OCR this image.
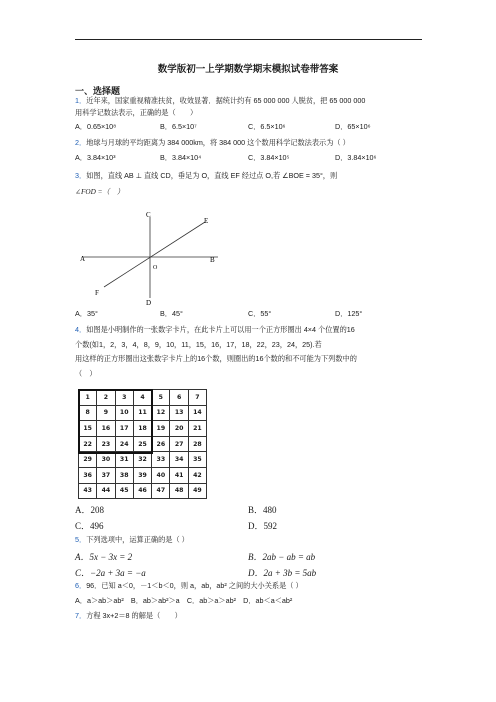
数学版初一上学期数学期末模拟试卷带答案
一、选择题
1．近年来，国家重视精准扶贫，收效显著．据统计约有 65 000 000 人脱贫，把 65 000 000
用科学记数法表示，正确的是（　　）
A．0.65×10⁸	B．6.5×10⁷	C．6.5×10⁶	D．65×10⁶
2．地球与月球的平均距离为 384 000km，将 384 000 这个数用科学记数法表示为（ ）
A．3.84×10³	B．3.84×10⁴	C．3.84×10⁵	D．3.84×10⁶
3．如图，直线 AB ⊥ 直线 CD，垂足为 O，直线 EF 经过点 O,若 ∠BOE = 35°，则
∠FOD =（　）
A	B
C
D
E
F
O
A．35°	B．45°	C．55°	D．125°
4．如图是小明制作的一张数字卡片，在此卡片上可以用一个正方形圈出 4×4 个位置的16
个数(如1，2，3，4，8，9，10，11，15，16，17，18，22，23，24，25).若
用这样的正方形圈出这张数字卡片上的16个数，则圈出的16个数的和不可能为下列数中的
（　）
1	2	3	4	5	6	7
8	9	10	11	12	13	14
15	16	17	18	19	20	21
22	23	24	25	26	27	28
29	30	31	32	33	34	35
36	37	38	39	40	41	42
43	44	45	46	47	48	49
A．208	B．480
C．496	D．592
5．下列选项中，运算正确的是（ ）
A．5x − 3x = 2	B．2ab − ab = ab
C．−2a + 3a = −a	D．2a + 3b = 5ab
6．96．已知 a＜0，－1＜b＜0，则 a，ab，ab² 之间的大小关系是（ ）
A．a＞ab＞ab²　B．ab＞ab²＞a　C．ab＞a＞ab²　D．ab＜a＜ab²
7．方程 3x+2＝8 的解是（　　）
